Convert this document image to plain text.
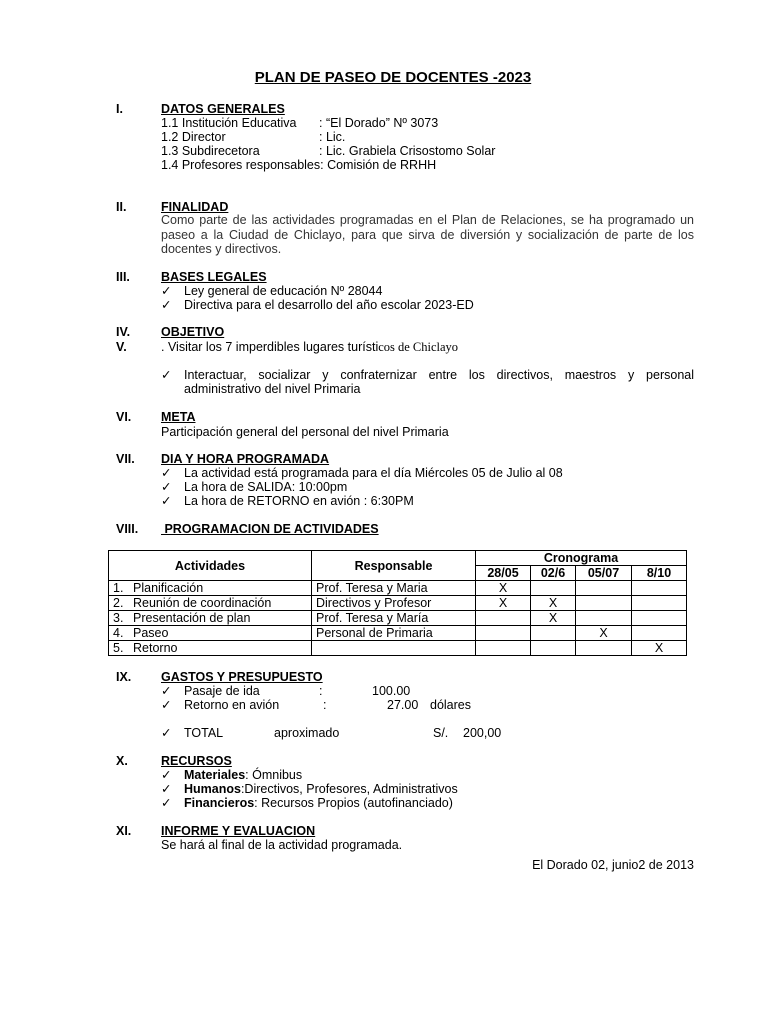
PLAN DE PASEO DE DOCENTES -2023
I.	DATOS GENERALES
1.1 Institución Educativa : “El Dorado” Nº 3073
1.2 Director	: Lic.
1.3 Subdirecetora	: Lic. Grabiela Crisostomo Solar
1.4 Profesores responsables: Comisión de RRHH
II.	FINALIDAD
Como parte de las actividades programadas en el Plan de Relaciones, se ha programado un paseo a la Ciudad de Chiclayo, para que sirva de diversión y socialización de parte de los docentes y directivos.
III. BASES LEGALES
✓ Ley general de educación Nº 28044
✓ Directiva para el desarrollo del año escolar 2023-ED
IV. OBJETIVO
V.	. Visitar los 7 imperdibles lugares turísticos de Chiclayo
✓	Interactuar, socializar y confraternizar entre los directivos, maestros y personal administrativo del nivel Primaria
VI. META
Participación general del personal del nivel Primaria
VII. DIA Y HORA PROGRAMADA
✓ La actividad está programada para el día Miércoles 05 de Julio al 08
✓ La hora de SALIDA: 10:00pm
✓ La hora de RETORNO en avión : 6:30PM
VIII. PROGRAMACION DE ACTIVIDADES
Actividades	Responsable	Cronograma			
		28/05	02/6	05/07	8/10
1. Planificación	Prof. Teresa y Maria	X			
2. Reunión de coordinación	Directivos y Profesor	X	X		
3. Presentación de plan	Prof. Teresa y María		X		
4. Paseo	Personal de Primaria			X	
5. Retorno					X
IX. GASTOS Y PRESUPUESTO
✓ Pasaje de ida	:	100.00
✓ Retorno en avión	:	27.00 dólares
✓ TOTAL	aproximado	S/. 200,00
X.	RECURSOS
✓ Materiales: Ómnibus
✓ Humanos:Directivos, Profesores, Administrativos
✓ Financieros: Recursos Propios (autofinanciado)
XI. INFORME Y EVALUACION
Se hará al final de la actividad programada.
El Dorado 02, junio2 de 2013
